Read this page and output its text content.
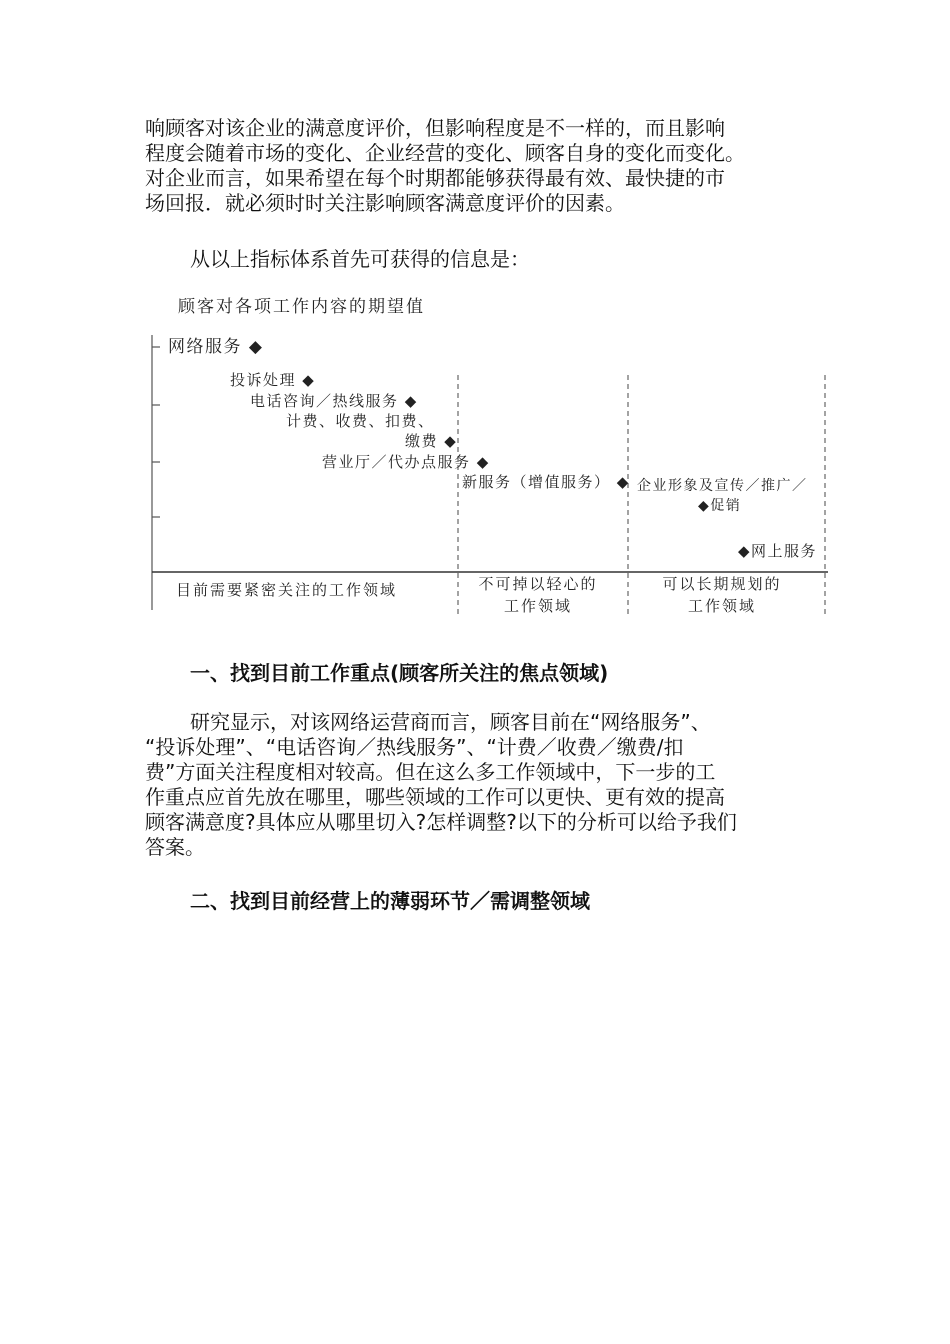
响顾客对该企业的满意度评价，但影响程度是不一样的，而且影响
程度会随着市场的变化、企业经营的变化、顾客自身的变化而变化。
对企业而言，如果希望在每个时期都能够获得最有效、最快捷的市
场回报．就必须时时关注影响顾客满意度评价的因素。
从以上指标体系首先可获得的信息是：
顾客对各项工作内容的期望值
网络服务 ◆
投诉处理 ◆
电话咨询／热线服务 ◆
计费、收费、扣费、
缴费 ◆
营业厅／代办点服务 ◆
新服务（增值服务） ◆ 企业形象及宣传／推广／
◆促销
◆网上服务
目前需要紧密关注的工作领域	不可掉以轻心的
工作领域
可以长期规划的
工作领域
一、找到目前工作重点(顾客所关注的焦点领域)
研究显示，对该网络运营商而言，顾客目前在“网络服务”、
“投诉处理”、“电话咨询／热线服务”、“计费／收费／缴费/扣
费”方面关注程度相对较高。但在这么多工作领域中，下一步的工
作重点应首先放在哪里，哪些领域的工作可以更快、更有效的提高
顾客满意度?具体应从哪里切入?怎样调整?以下的分析可以给予我们
答案。
二、找到目前经营上的薄弱环节／需调整领域
